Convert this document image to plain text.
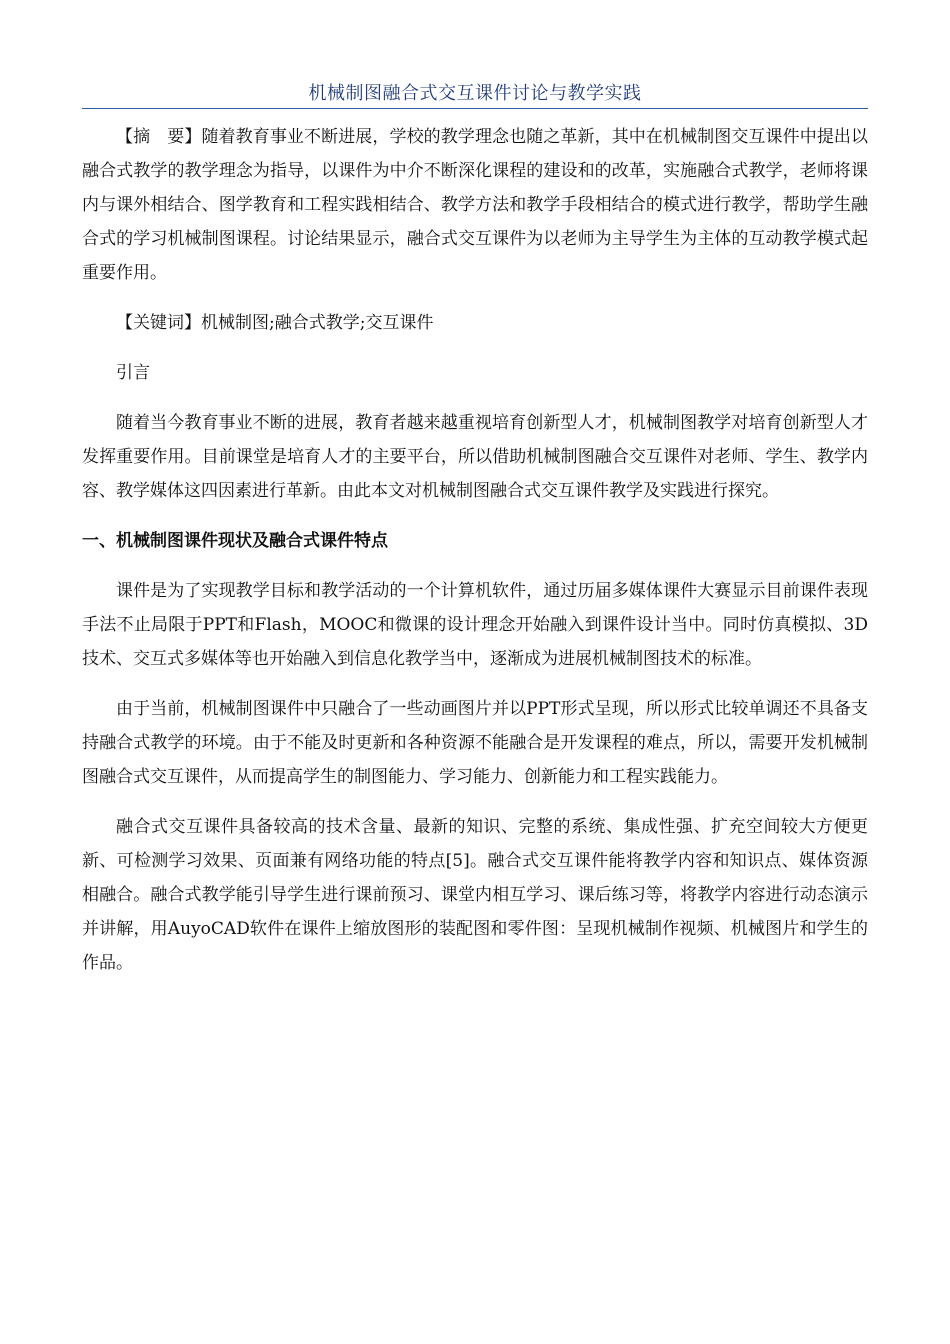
机械制图融合式交互课件讨论与教学实践

【摘　要】随着教育事业不断进展，学校的教学理念也随之革新，其中在机械制图交互课件中提出以融合式教学的教学理念为指导，以课件为中介不断深化课程的建设和的改革，实施融合式教学，老师将课内与课外相结合、图学教育和工程实践相结合、教学方法和教学手段相结合的模式进行教学，帮助学生融合式的学习机械制图课程。讨论结果显示，融合式交互课件为以老师为主导学生为主体的互动教学模式起重要作用。

【关键词】机械制图;融合式教学;交互课件

引言

随着当今教育事业不断的进展，教育者越来越重视培育创新型人才，机械制图教学对培育创新型人才发挥重要作用。目前课堂是培育人才的主要平台，所以借助机械制图融合交互课件对老师、学生、教学内容、教学媒体这四因素进行革新。由此本文对机械制图融合式交互课件教学及实践进行探究。

一、机械制图课件现状及融合式课件特点

课件是为了实现教学目标和教学活动的一个计算机软件，通过历届多媒体课件大赛显示目前课件表现手法不止局限于PPT和Flash，MOOC和微课的设计理念开始融入到课件设计当中。同时仿真模拟、3D技术、交互式多媒体等也开始融入到信息化教学当中，逐渐成为进展机械制图技术的标准。

由于当前，机械制图课件中只融合了一些动画图片并以PPT形式呈现，所以形式比较单调还不具备支持融合式教学的环境。由于不能及时更新和各种资源不能融合是开发课程的难点，所以，需要开发机械制图融合式交互课件，从而提高学生的制图能力、学习能力、创新能力和工程实践能力。

融合式交互课件具备较高的技术含量、最新的知识、完整的系统、集成性强、扩充空间较大方便更新、可检测学习效果、页面兼有网络功能的特点[5]。融合式交互课件能将教学内容和知识点、媒体资源相融合。融合式教学能引导学生进行课前预习、课堂内相互学习、课后练习等，将教学内容进行动态演示并讲解，用AuyoCAD软件在课件上缩放图形的装配图和零件图：呈现机械制作视频、机械图片和学生的作品。
